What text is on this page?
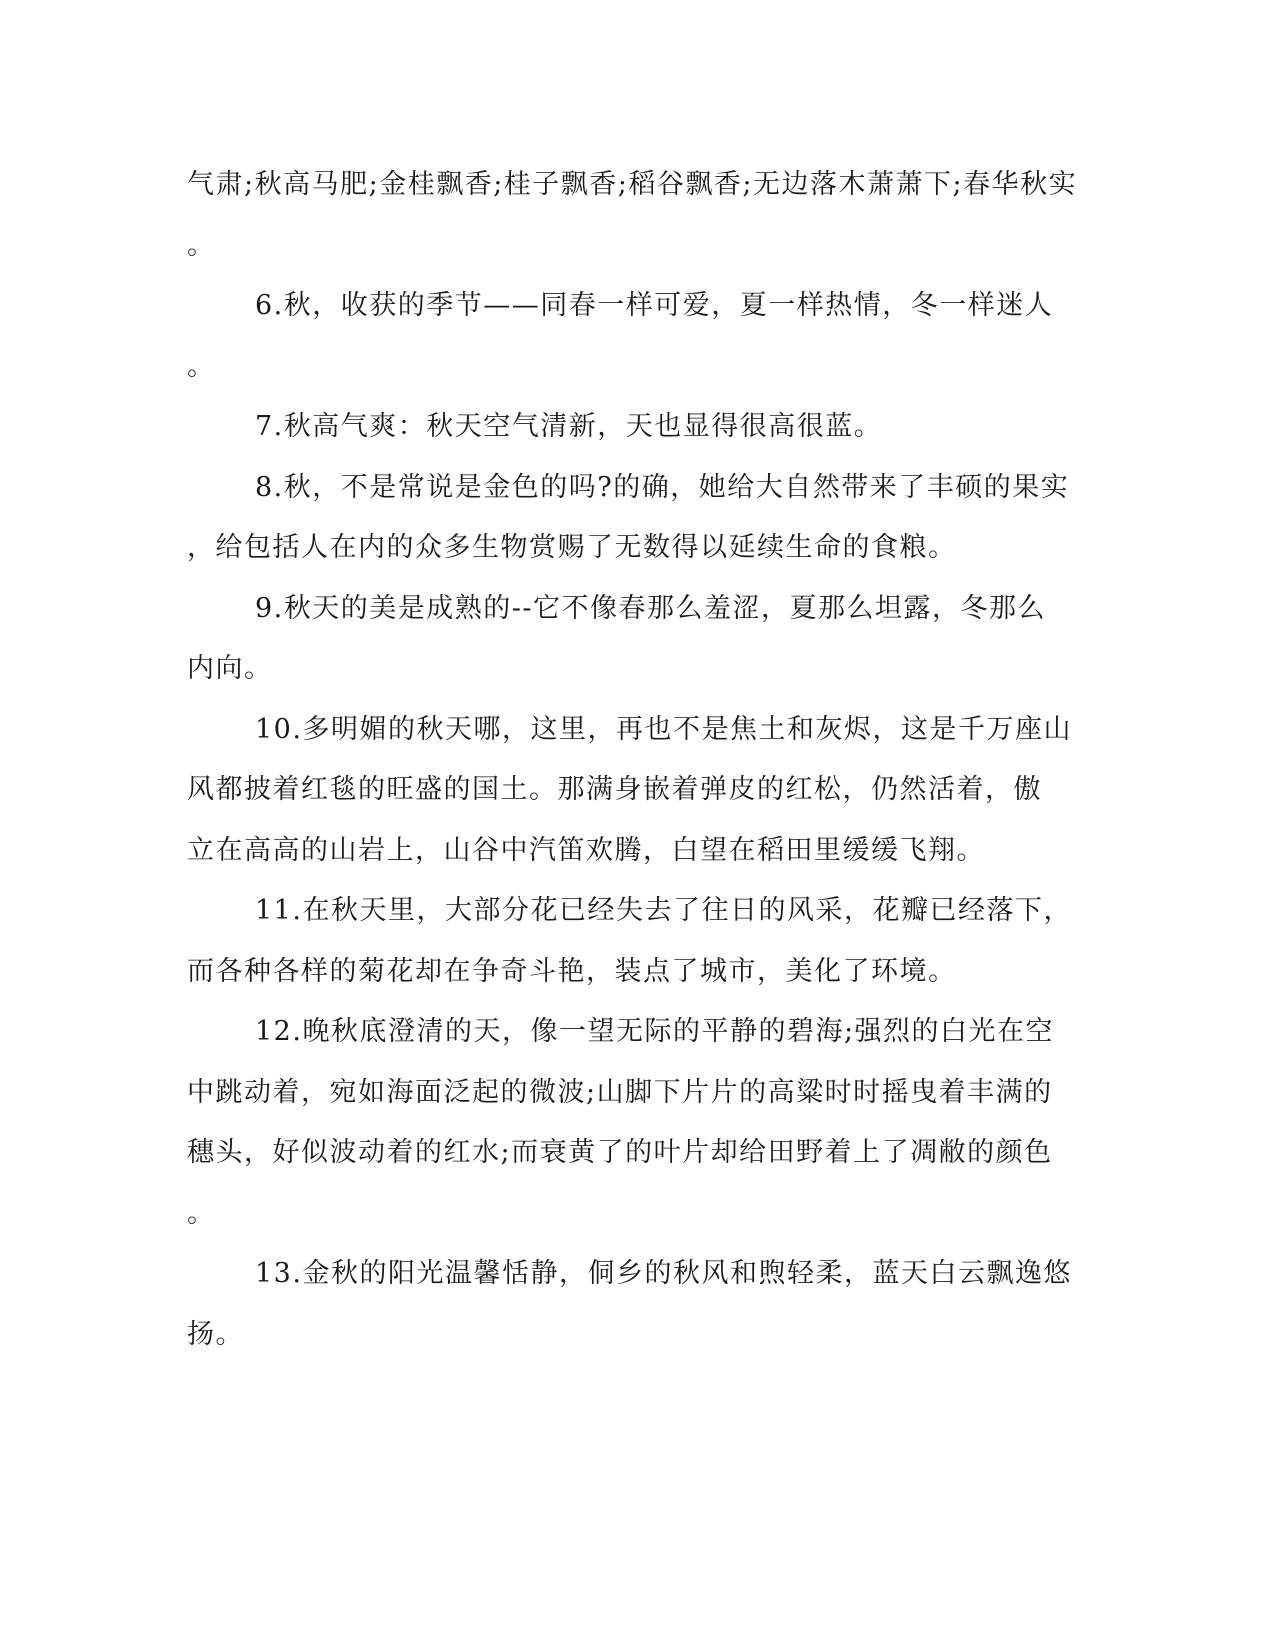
气肃;秋高马肥;金桂飘香;桂子飘香;稻谷飘香;无边落木萧萧下;春华秋实
。
6.秋，收获的季节——同春一样可爱，夏一样热情，冬一样迷人
。
7.秋高气爽：秋天空气清新，天也显得很高很蓝。
8.秋，不是常说是金色的吗?的确，她给大自然带来了丰硕的果实
，给包括人在内的众多生物赏赐了无数得以延续生命的食粮。
9.秋天的美是成熟的--它不像春那么羞涩，夏那么坦露，冬那么
内向。
10.多明媚的秋天哪，这里，再也不是焦土和灰烬，这是千万座山
风都披着红毯的旺盛的国土。那满身嵌着弹皮的红松，仍然活着，傲
立在高高的山岩上，山谷中汽笛欢腾，白望在稻田里缓缓飞翔。
11.在秋天里，大部分花已经失去了往日的风采，花瓣已经落下，
而各种各样的菊花却在争奇斗艳，装点了城市，美化了环境。
12.晚秋底澄清的天，像一望无际的平静的碧海;强烈的白光在空
中跳动着，宛如海面泛起的微波;山脚下片片的高粱时时摇曳着丰满的
穗头，好似波动着的红水;而衰黄了的叶片却给田野着上了凋敝的颜色
。
13.金秋的阳光温馨恬静，侗乡的秋风和煦轻柔，蓝天白云飘逸悠
扬。
